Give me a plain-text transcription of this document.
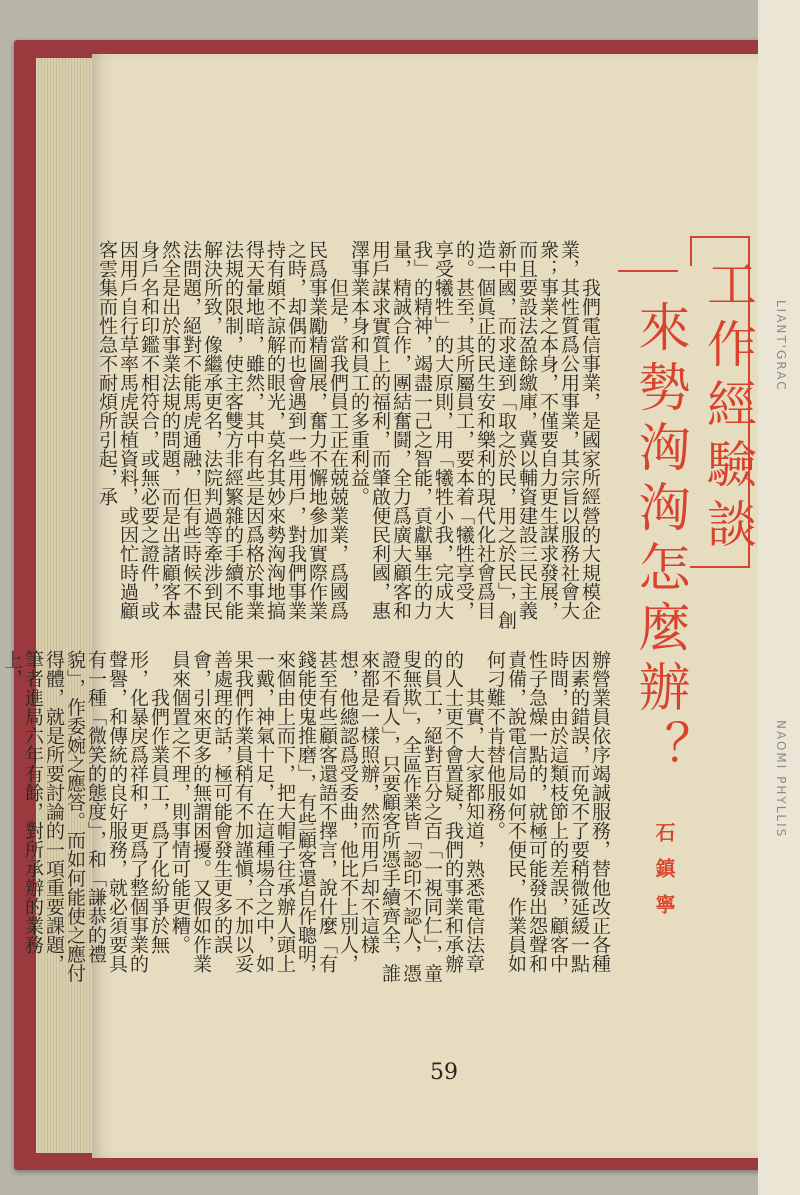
工作經驗談
來勢洶洶怎麼辦？
石鎮寧

我們電信事業，是國家所經營的大規模企業，其性質爲公用事業，其宗旨以服務社會大衆；事業之本身，不僅要自力更生謀求發展，而且要設法盈餘繳庫，冀以輔資建設三民主義新中國，而求達到「取之於民，用之於民」，創造一個眞正的民生安和樂利的現代化社會爲目的。甚至，其所屬員工，要本着「犧牲享受，享受犧牲」的大原則，用「犧牲小我，完成大我」的精神，竭盡一己之智能，貢獻畢生的力量，精誠合作，團結奮鬪，全力爲廣大顧客和用戶謀求實質上的福利，而肇啟便民利國，惠澤事業本身和員工的多重利益。

但是，當我們員工正在兢兢業業，爲國爲民爲事業勵精圖展，奮力不懈地參加實際作業之時，却偶而也會遇到一些用戶，對我們事業持有頗不諒解的眼光，莫名其妙來勢洶洶地搞得天暈地暗，雖然，其中有些是因爲格於事業法規的限制，使主客雙方非經繁雜的手續不能解決所致，像繼承更名，法院判過等牽涉到民法問題，絕對不能馬虎通融，但有些時候不盡然全是出於事業法規的問題，而是出諸顧客本身戶名和印鑑不相符合，或無必要之證件，或因用戶自行草率馬虎誤植資料，或因忙時過顧客雲集而性急不耐煩所引起，承

辦營業員依序竭誠服務，替他改正各種因素的錯誤，而免不了要稍微延緩一點時間，由於這類枝節上的差誤，顧客中性子急燥一點的，就極可能發出怨聲和責備，說電信局如何不便民，作業員如何刁難不肯替他服務。

其實，大家都知道，熟悉電信法章的人士更不會置疑，我們的事業和承辦的員工，絕對百分之百「一視同仁」，童叟無欺」，全區作業皆「認印不認人，憑證不看人」，只要顧客所憑手續齊全，誰來都是一樣照辦，然而用戶却不這樣想，他總認爲受委曲，他比不上別人，甚至有些顧客還語不擇言，說什麼「有錢能使鬼推磨」，有些顧客還自作聰明，來個由上而下，把大帽子往承辦人頭上一戴，神氣十足，在這種場合之中，如果我們作業員稍有不加謹愼，不加以妥善處理的話，極可能會發生更多的誤會，引來更多的無謂困擾。又假如作業員來個置之不理，則事情可能更糟。

我們作業員工，爲了化紛爭於無形，化暴戾爲祥和，更爲了整個事業的聲譽，和傳統的良好服務，就必須要具有一種「微笑的態度」，和「謙恭的禮貌」，作委婉之應答。而如何能使之應付得體，就是所要討論的一項重要課題，筆者進局六年有餘，對所承辦的業務上，

59
LIANT'GRAC
NAOMI PHYLLIS
